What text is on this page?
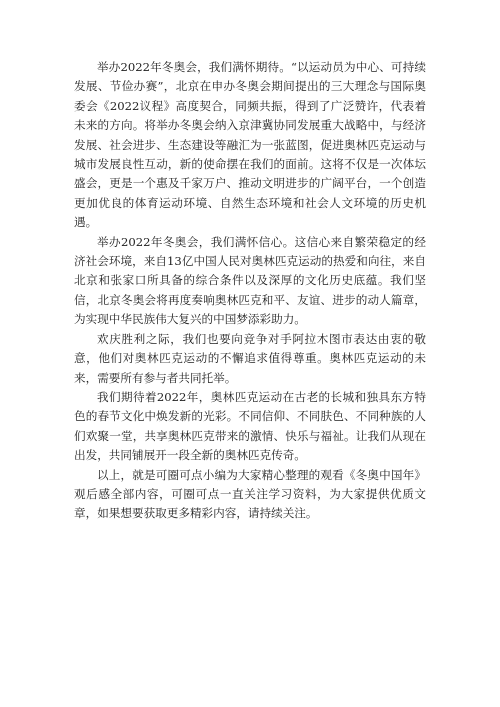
举办2022年冬奥会，我们满怀期待。“以运动员为中心、可持续发展、节俭办赛”，北京在申办冬奥会期间提出的三大理念与国际奥委会《2022议程》高度契合，同频共振，得到了广泛赞许，代表着未来的方向。将举办冬奥会纳入京津冀协同发展重大战略中，与经济发展、社会进步、生态建设等融汇为一张蓝图，促进奥林匹克运动与城市发展良性互动，新的使命摆在我们的面前。这将不仅是一次体坛盛会，更是一个惠及千家万户、推动文明进步的广阔平台，一个创造更加优良的体育运动环境、自然生态环境和社会人文环境的历史机遇。

举办2022年冬奥会，我们满怀信心。这信心来自繁荣稳定的经济社会环境，来自13亿中国人民对奥林匹克运动的热爱和向往，来自北京和张家口所具备的综合条件以及深厚的文化历史底蕴。我们坚信，北京冬奥会将再度奏响奥林匹克和平、友谊、进步的动人篇章，为实现中华民族伟大复兴的中国梦添彩助力。

欢庆胜利之际，我们也要向竞争对手阿拉木图市表达由衷的敬意，他们对奥林匹克运动的不懈追求值得尊重。奥林匹克运动的未来，需要所有参与者共同托举。

我们期待着2022年，奥林匹克运动在古老的长城和独具东方特色的春节文化中焕发新的光彩。不同信仰、不同肤色、不同种族的人们欢聚一堂，共享奥林匹克带来的激情、快乐与福祉。让我们从现在出发，共同铺展开一段全新的奥林匹克传奇。

以上，就是可圈可点小编为大家精心整理的观看《冬奥中国年》观后感全部内容，可圈可点一直关注学习资料，为大家提供优质文章，如果想要获取更多精彩内容，请持续关注。
